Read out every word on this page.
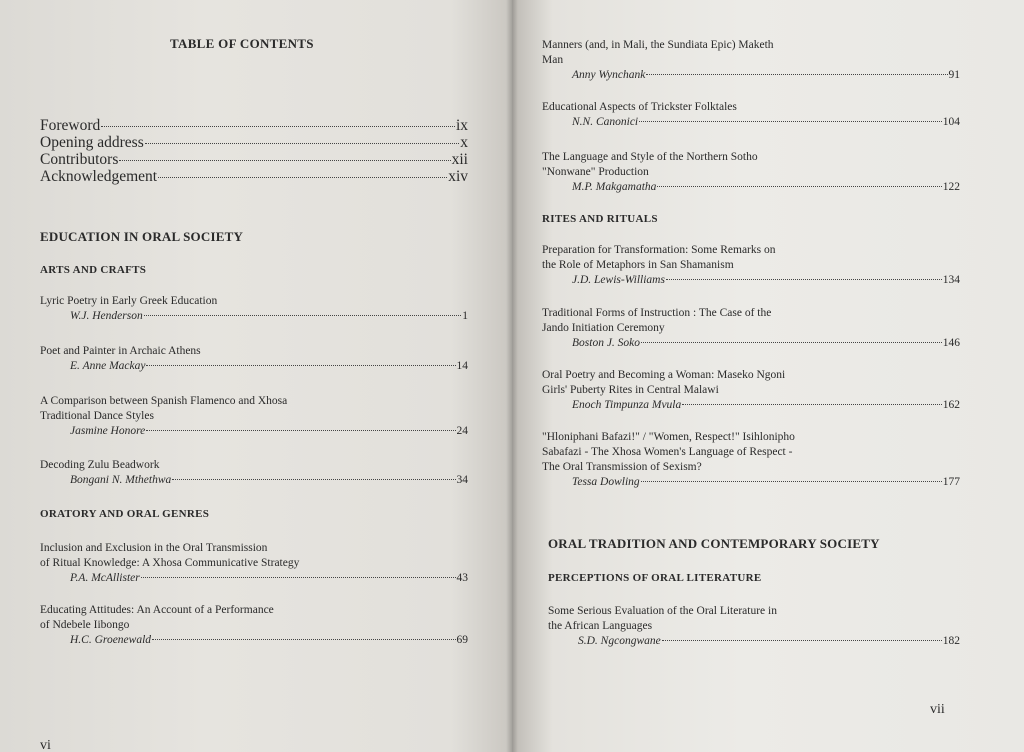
TABLE OF CONTENTS
Foreword	ix
Opening address	x
Contributors	xii
Acknowledgement	xiv
EDUCATION IN ORAL SOCIETY
ARTS AND CRAFTS
Lyric Poetry in Early Greek Education
W.J. Henderson	1
Poet and Painter in Archaic Athens
E. Anne Mackay	14
A Comparison between Spanish Flamenco and Xhosa
Traditional Dance Styles
Jasmine Honore	24
Decoding Zulu Beadwork
Bongani N. Mthethwa	34
ORATORY AND ORAL GENRES
Inclusion and Exclusion in the Oral Transmission
of Ritual Knowledge: A Xhosa Communicative Strategy
P.A. McAllister	43
Educating Attitudes: An Account of a Performance
of Ndebele Iibongo
H.C. Groenewald	69
vi
Manners (and, in Mali, the Sundiata Epic) Maketh
Man
Anny Wynchank	91
Educational Aspects of Trickster Folktales
N.N. Canonici	104
The Language and Style of the Northern Sotho
"Nonwane" Production
M.P. Makgamatha	122
RITES AND RITUALS
Preparation for Transformation: Some Remarks on
the Role of Metaphors in San Shamanism
J.D. Lewis-Williams	134
Traditional Forms of Instruction : The Case of the
Jando Initiation Ceremony
Boston J. Soko	146
Oral Poetry and Becoming a Woman: Maseko Ngoni
Girls' Puberty Rites in Central Malawi
Enoch Timpunza Mvula	162
"Hloniphani Bafazi!" / "Women, Respect!" Isihlonipho
Sabafazi - The Xhosa Women's Language of Respect -
The Oral Transmission of Sexism?
Tessa Dowling	177
ORAL TRADITION AND CONTEMPORARY SOCIETY
PERCEPTIONS OF ORAL LITERATURE
Some Serious Evaluation of the Oral Literature in
the African Languages
S.D. Ngcongwane	182
vii
